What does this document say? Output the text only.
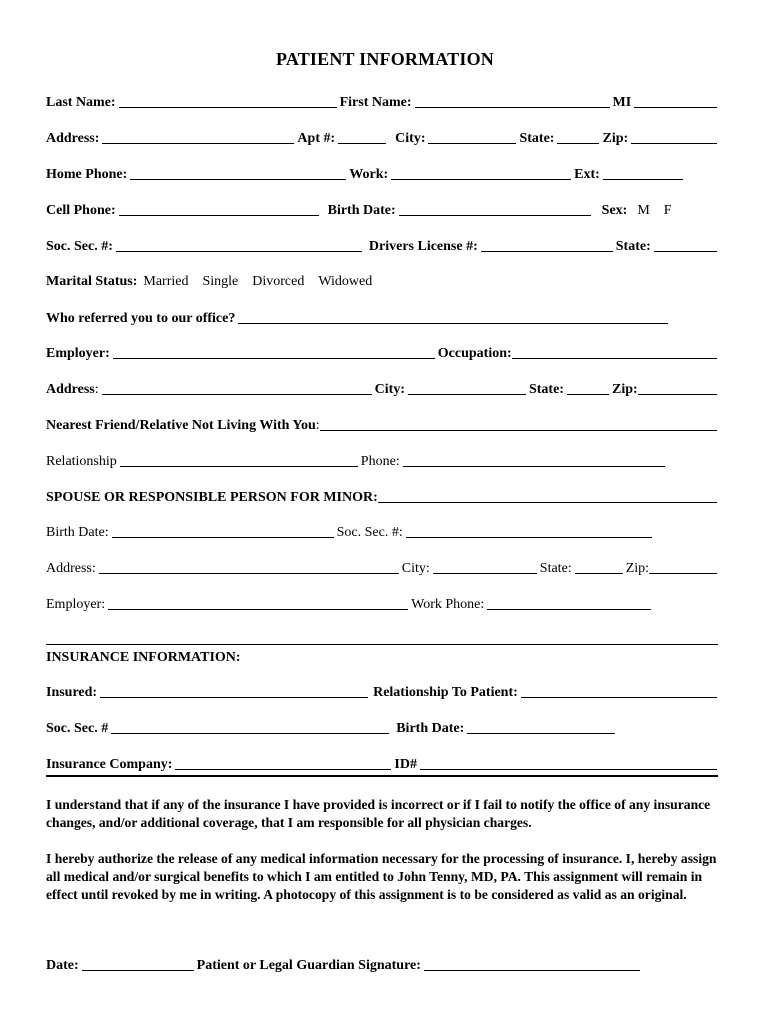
PATIENT INFORMATION
Last Name:	First Name:	MI
Address:	Apt #:	City:	State:	Zip:
Home Phone:	Work:	Ext:
Cell Phone:	Birth Date:	Sex: M F
Soc. Sec. #:	Drivers License #:	State:
Marital Status: Married Single Divorced Widowed
Who referred you to our office?
Employer:	Occupation:
Address:	City:	State:	Zip:
Nearest Friend/Relative Not Living With You:
Relationship	Phone:
SPOUSE OR RESPONSIBLE PERSON FOR MINOR:
Birth Date:	Soc. Sec. #:
Address:	City:	State:	Zip:
Employer:	Work Phone:
INSURANCE INFORMATION:
Insured:	Relationship To Patient:
Soc. Sec. #	Birth Date:
Insurance Company:	ID#
I understand that if any of the insurance I have provided is incorrect or if I fail to notify the office of any insurance changes, and/or additional coverage, that I am responsible for all physician charges.
I hereby authorize the release of any medical information necessary for the processing of insurance. I, hereby assign all medical and/or surgical benefits to which I am entitled to John Tenny, MD, PA. This assignment will remain in effect until revoked by me in writing. A photocopy of this assignment is to be considered as valid as an original.
Date:	Patient or Legal Guardian Signature:
